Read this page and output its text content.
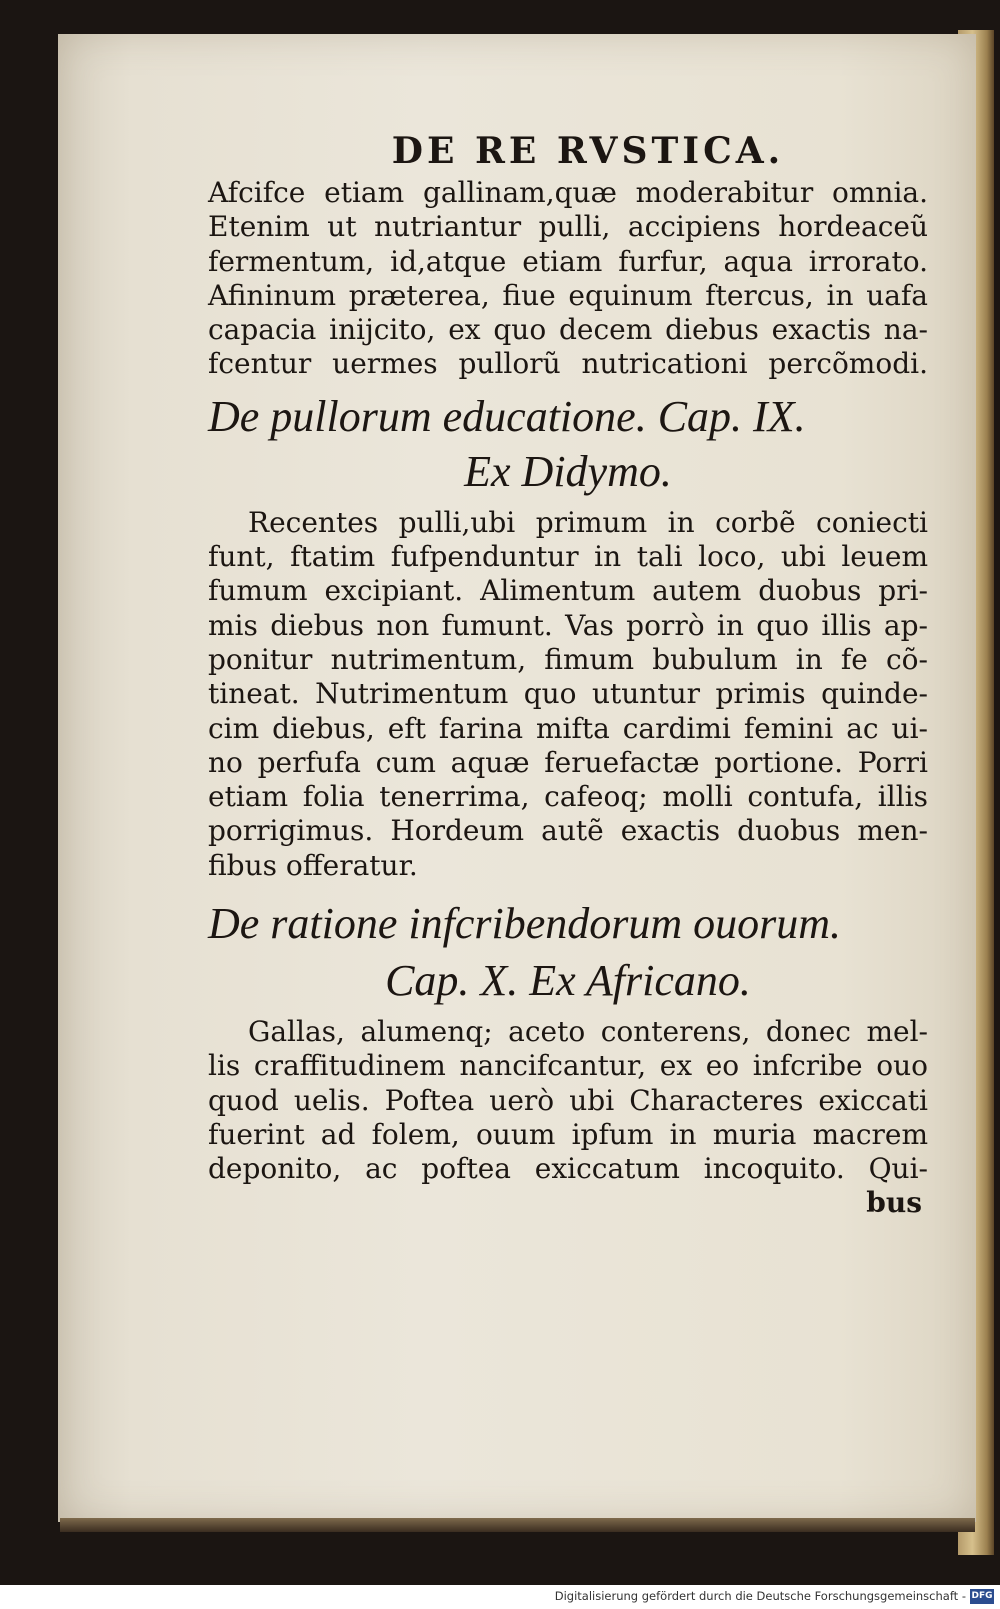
DE RE RVSTICA.
Afcifce etiam gallinam,quæ moderabitur omnia.
Etenim ut nutriantur pulli, accipiens hordeaceũ
fermentum, id,atque etiam furfur, aqua irrorato.
Afininum præterea, fiue equinum ftercus, in uafa
capacia inijcito, ex quo decem diebus exactis na-
fcentur uermes pullorũ nutricationi percõmodi.
De pullorum educatione. Cap. IX.
Ex Didymo.
Recentes pulli,ubi primum in corbẽ coniecti
funt, ftatim fufpenduntur in tali loco, ubi leuem
fumum excipiant. Alimentum autem duobus pri-
mis diebus non fumunt. Vas porrò in quo illis ap-
ponitur nutrimentum, fimum bubulum in fe cõ-
tineat. Nutrimentum quo utuntur primis quinde-
cim diebus, eft farina mifta cardimi femini ac ui-
no perfufa cum aquæ feruefactæ portione. Porri
etiam folia tenerrima, cafeoq; molli contufa, illis
porrigimus. Hordeum autẽ exactis duobus men-
fibus offeratur.
De ratione infcribendorum ouorum.
Cap. X. Ex Africano.
Gallas, alumenq; aceto conterens, donec mel-
lis craffitudinem nancifcantur, ex eo infcribe ouo
quod uelis. Poftea uerò ubi Characteres exiccati
fuerint ad folem, ouum ipfum in muria macrem
deponito, ac poftea exiccatum incoquito. Qui-
bus
Digitalisierung gefördert durch die Deutsche Forschungsgemeinschaft - DFG
